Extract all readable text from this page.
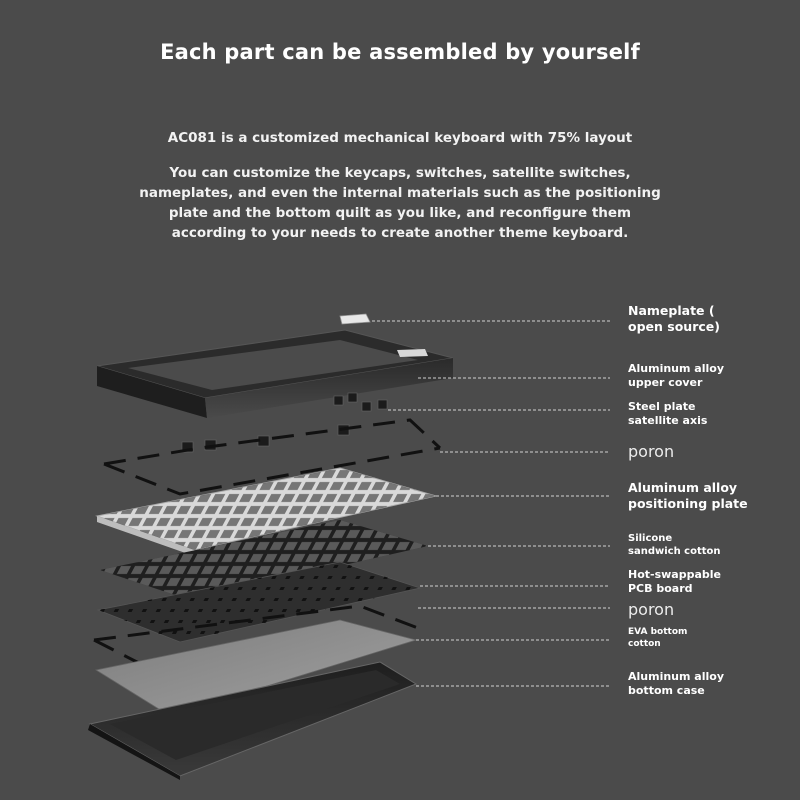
Each part can be assembled by yourself
AC081 is a customized mechanical keyboard with 75% layout
You can customize the keycaps, switches, satellite switches,
nameplates, and even the internal materials such as the positioning
plate and the bottom quilt as you like, and reconfigure them
according to your needs to create another theme keyboard.
Nameplate (
open source)
Aluminum alloy
upper cover
Steel plate
satellite axis
poron
Aluminum alloy
positioning plate
Silicone
sandwich cotton
Hot-swappable
PCB board
poron
EVA bottom
cotton
Aluminum alloy
bottom case
